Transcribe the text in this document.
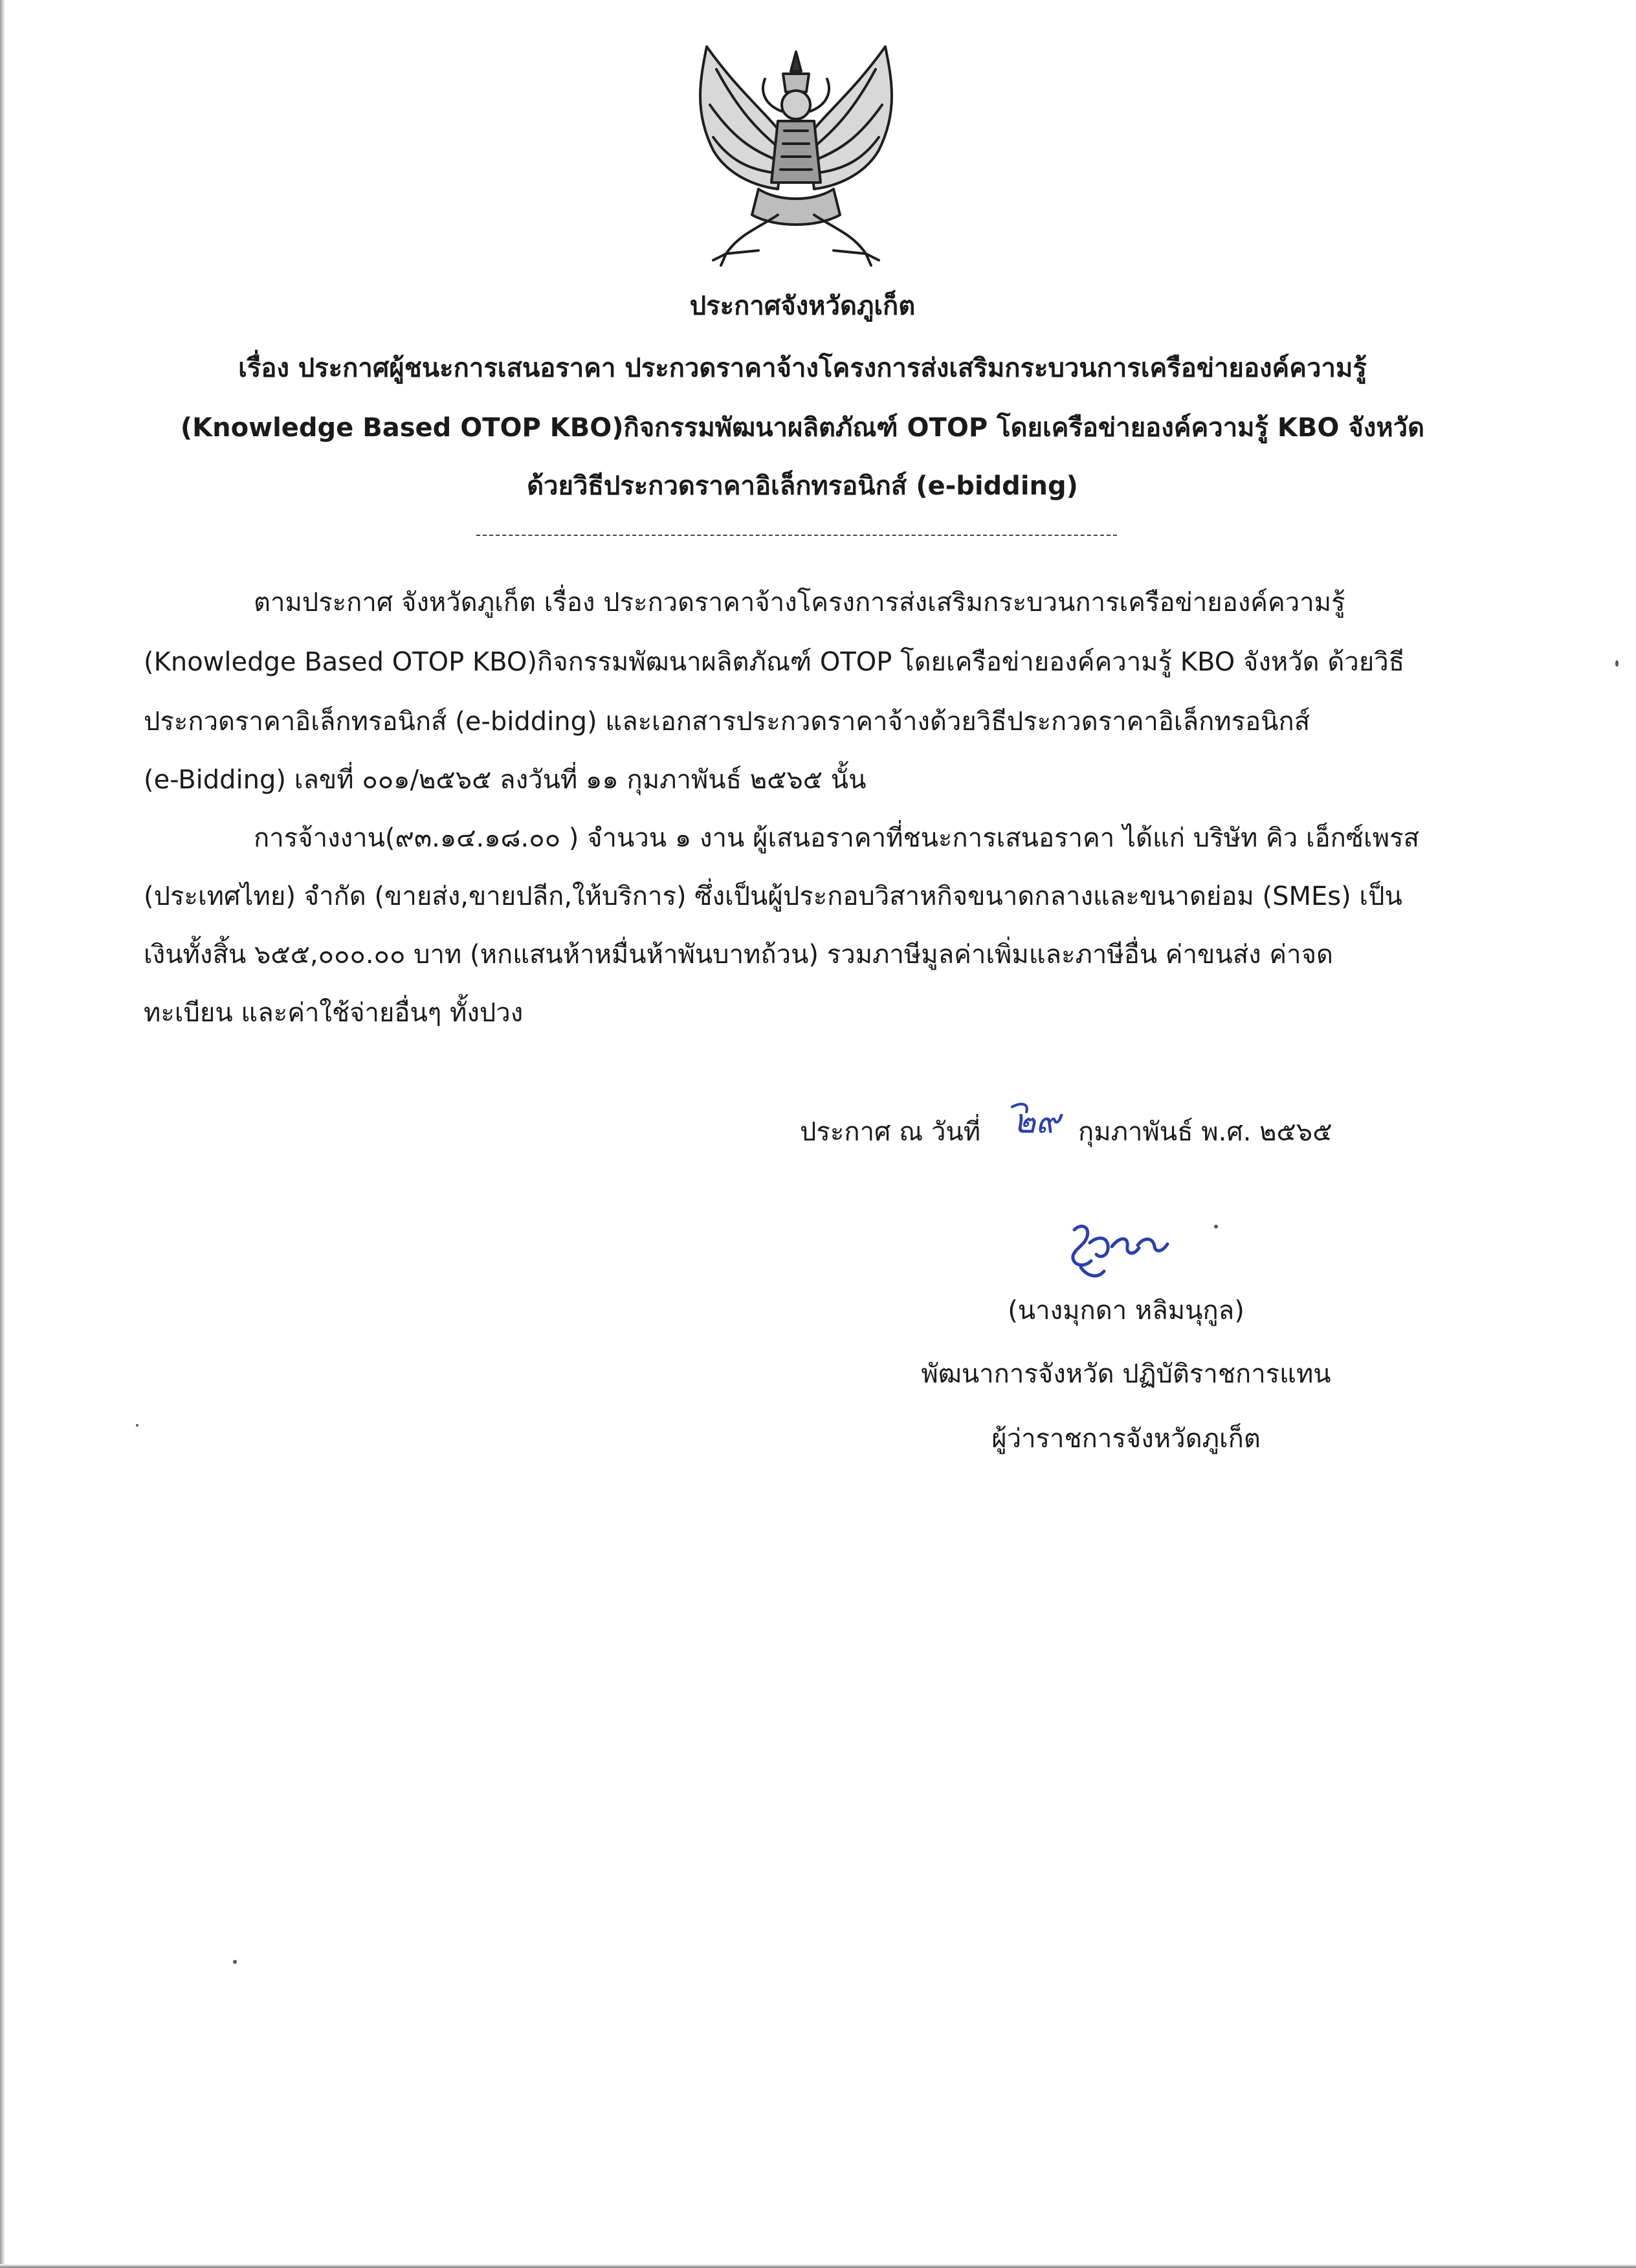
ประกาศจังหวัดภูเก็ต
เรื่อง ประกาศผู้ชนะการเสนอราคา ประกวดราคาจ้างโครงการส่งเสริมกระบวนการเครือข่ายองค์ความรู้
(Knowledge Based OTOP KBO)กิจกรรมพัฒนาผลิตภัณฑ์ OTOP โดยเครือข่ายองค์ความรู้ KBO จังหวัด
ด้วยวิธีประกวดราคาอิเล็กทรอนิกส์ (e-bidding)
ตามประกาศ จังหวัดภูเก็ต เรื่อง ประกวดราคาจ้างโครงการส่งเสริมกระบวนการเครือข่ายองค์ความรู้
(Knowledge Based OTOP KBO)กิจกรรมพัฒนาผลิตภัณฑ์ OTOP โดยเครือข่ายองค์ความรู้ KBO จังหวัด ด้วยวิธี
ประกวดราคาอิเล็กทรอนิกส์ (e-bidding) และเอกสารประกวดราคาจ้างด้วยวิธีประกวดราคาอิเล็กทรอนิกส์
(e-Bidding) เลขที่ ๐๐๑/๒๕๖๕ ลงวันที่ ๑๑ กุมภาพันธ์ ๒๕๖๕ นั้น
การจ้างงาน(๙๓.๑๔.๑๘.๐๐ ) จำนวน ๑ งาน ผู้เสนอราคาที่ชนะการเสนอราคา ได้แก่ บริษัท คิว เอ็กซ์เพรส
(ประเทศไทย) จำกัด (ขายส่ง,ขายปลีก,ให้บริการ) ซึ่งเป็นผู้ประกอบวิสาหกิจขนาดกลางและขนาดย่อม (SMEs) เป็น
เงินทั้งสิ้น ๖๕๕,๐๐๐.๐๐ บาท (หกแสนห้าหมื่นห้าพันบาทถ้วน) รวมภาษีมูลค่าเพิ่มและภาษีอื่น ค่าขนส่ง ค่าจด
ทะเบียน และค่าใช้จ่ายอื่นๆ ทั้งปวง
ประกาศ ณ วันที่ ๒๙ กุมภาพันธ์ พ.ศ. ๒๕๖๕
(นางมุกดา หลิมนุกูล)
พัฒนาการจังหวัด ปฏิบัติราชการแทน
ผู้ว่าราชการจังหวัดภูเก็ต
